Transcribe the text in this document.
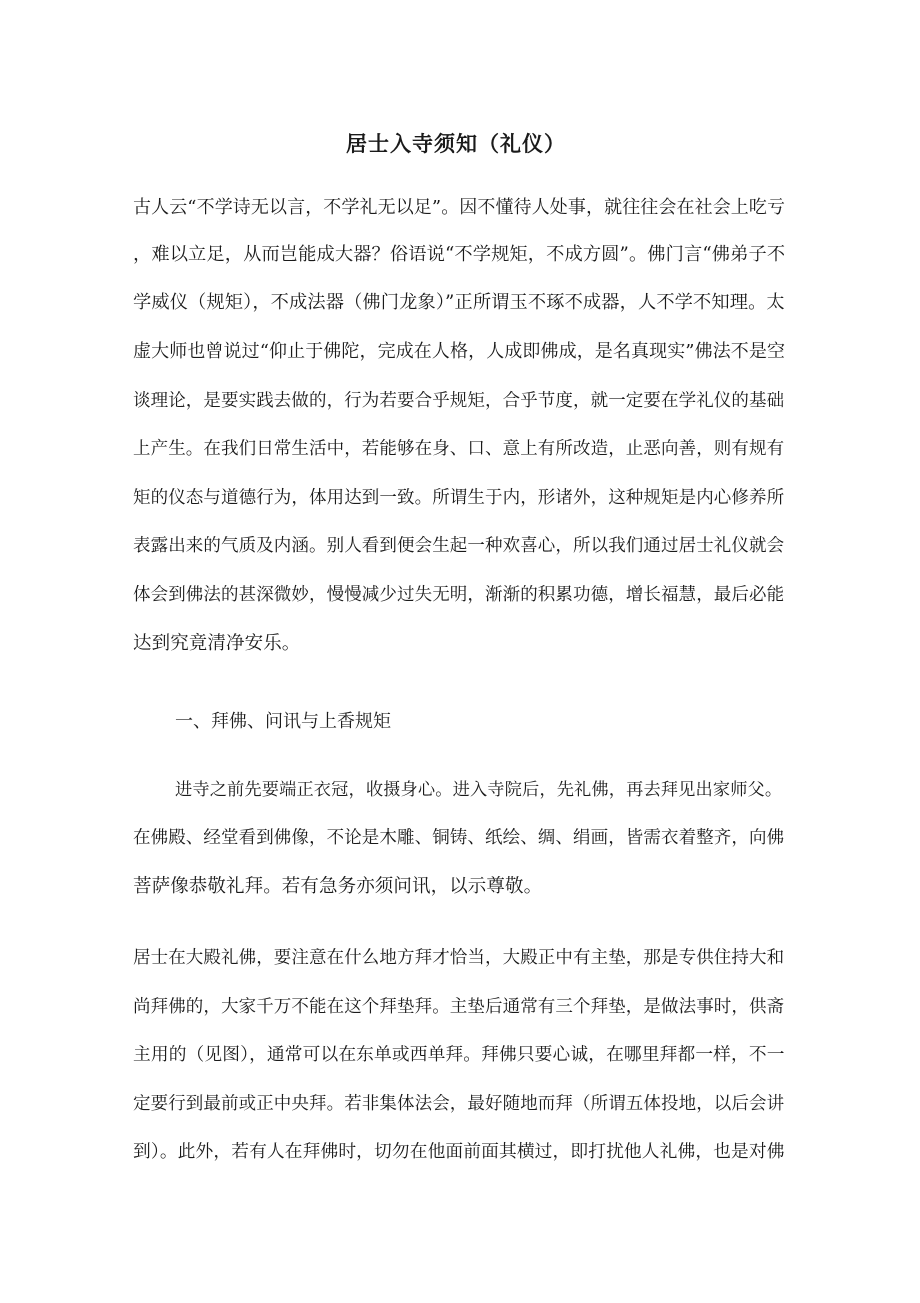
居士入寺须知（礼仪）
古人云“不学诗无以言，不学礼无以足”。因不懂待人处事，就往往会在社会上吃亏
，难以立足，从而岂能成大器？俗语说“不学规矩，不成方圆”。佛门言“佛弟子不
学威仪（规矩），不成法器（佛门龙象）”正所谓玉不琢不成器，人不学不知理。太
虚大师也曾说过“仰止于佛陀，完成在人格，人成即佛成，是名真现实”佛法不是空
谈理论，是要实践去做的，行为若要合乎规矩，合乎节度，就一定要在学礼仪的基础
上产生。在我们日常生活中，若能够在身、口、意上有所改造，止恶向善，则有规有
矩的仪态与道德行为，体用达到一致。所谓生于内，形诸外，这种规矩是内心修养所
表露出来的气质及内涵。别人看到便会生起一种欢喜心，所以我们通过居士礼仪就会
体会到佛法的甚深微妙，慢慢减少过失无明，渐渐的积累功德，增长福慧，最后必能
达到究竟清净安乐。
一、拜佛、问讯与上香规矩
进寺之前先要端正衣冠，收摄身心。进入寺院后，先礼佛，再去拜见出家师父。
在佛殿、经堂看到佛像，不论是木雕、铜铸、纸绘、绸、绢画，皆需衣着整齐，向佛
菩萨像恭敬礼拜。若有急务亦须问讯，以示尊敬。
居士在大殿礼佛，要注意在什么地方拜才恰当，大殿正中有主垫，那是专供住持大和
尚拜佛的，大家千万不能在这个拜垫拜。主垫后通常有三个拜垫，是做法事时，供斋
主用的（见图），通常可以在东单或西单拜。拜佛只要心诚，在哪里拜都一样，不一
定要行到最前或正中央拜。若非集体法会，最好随地而拜（所谓五体投地，以后会讲
到）。此外，若有人在拜佛时，切勿在他面前面其横过，即打扰他人礼佛，也是对佛
